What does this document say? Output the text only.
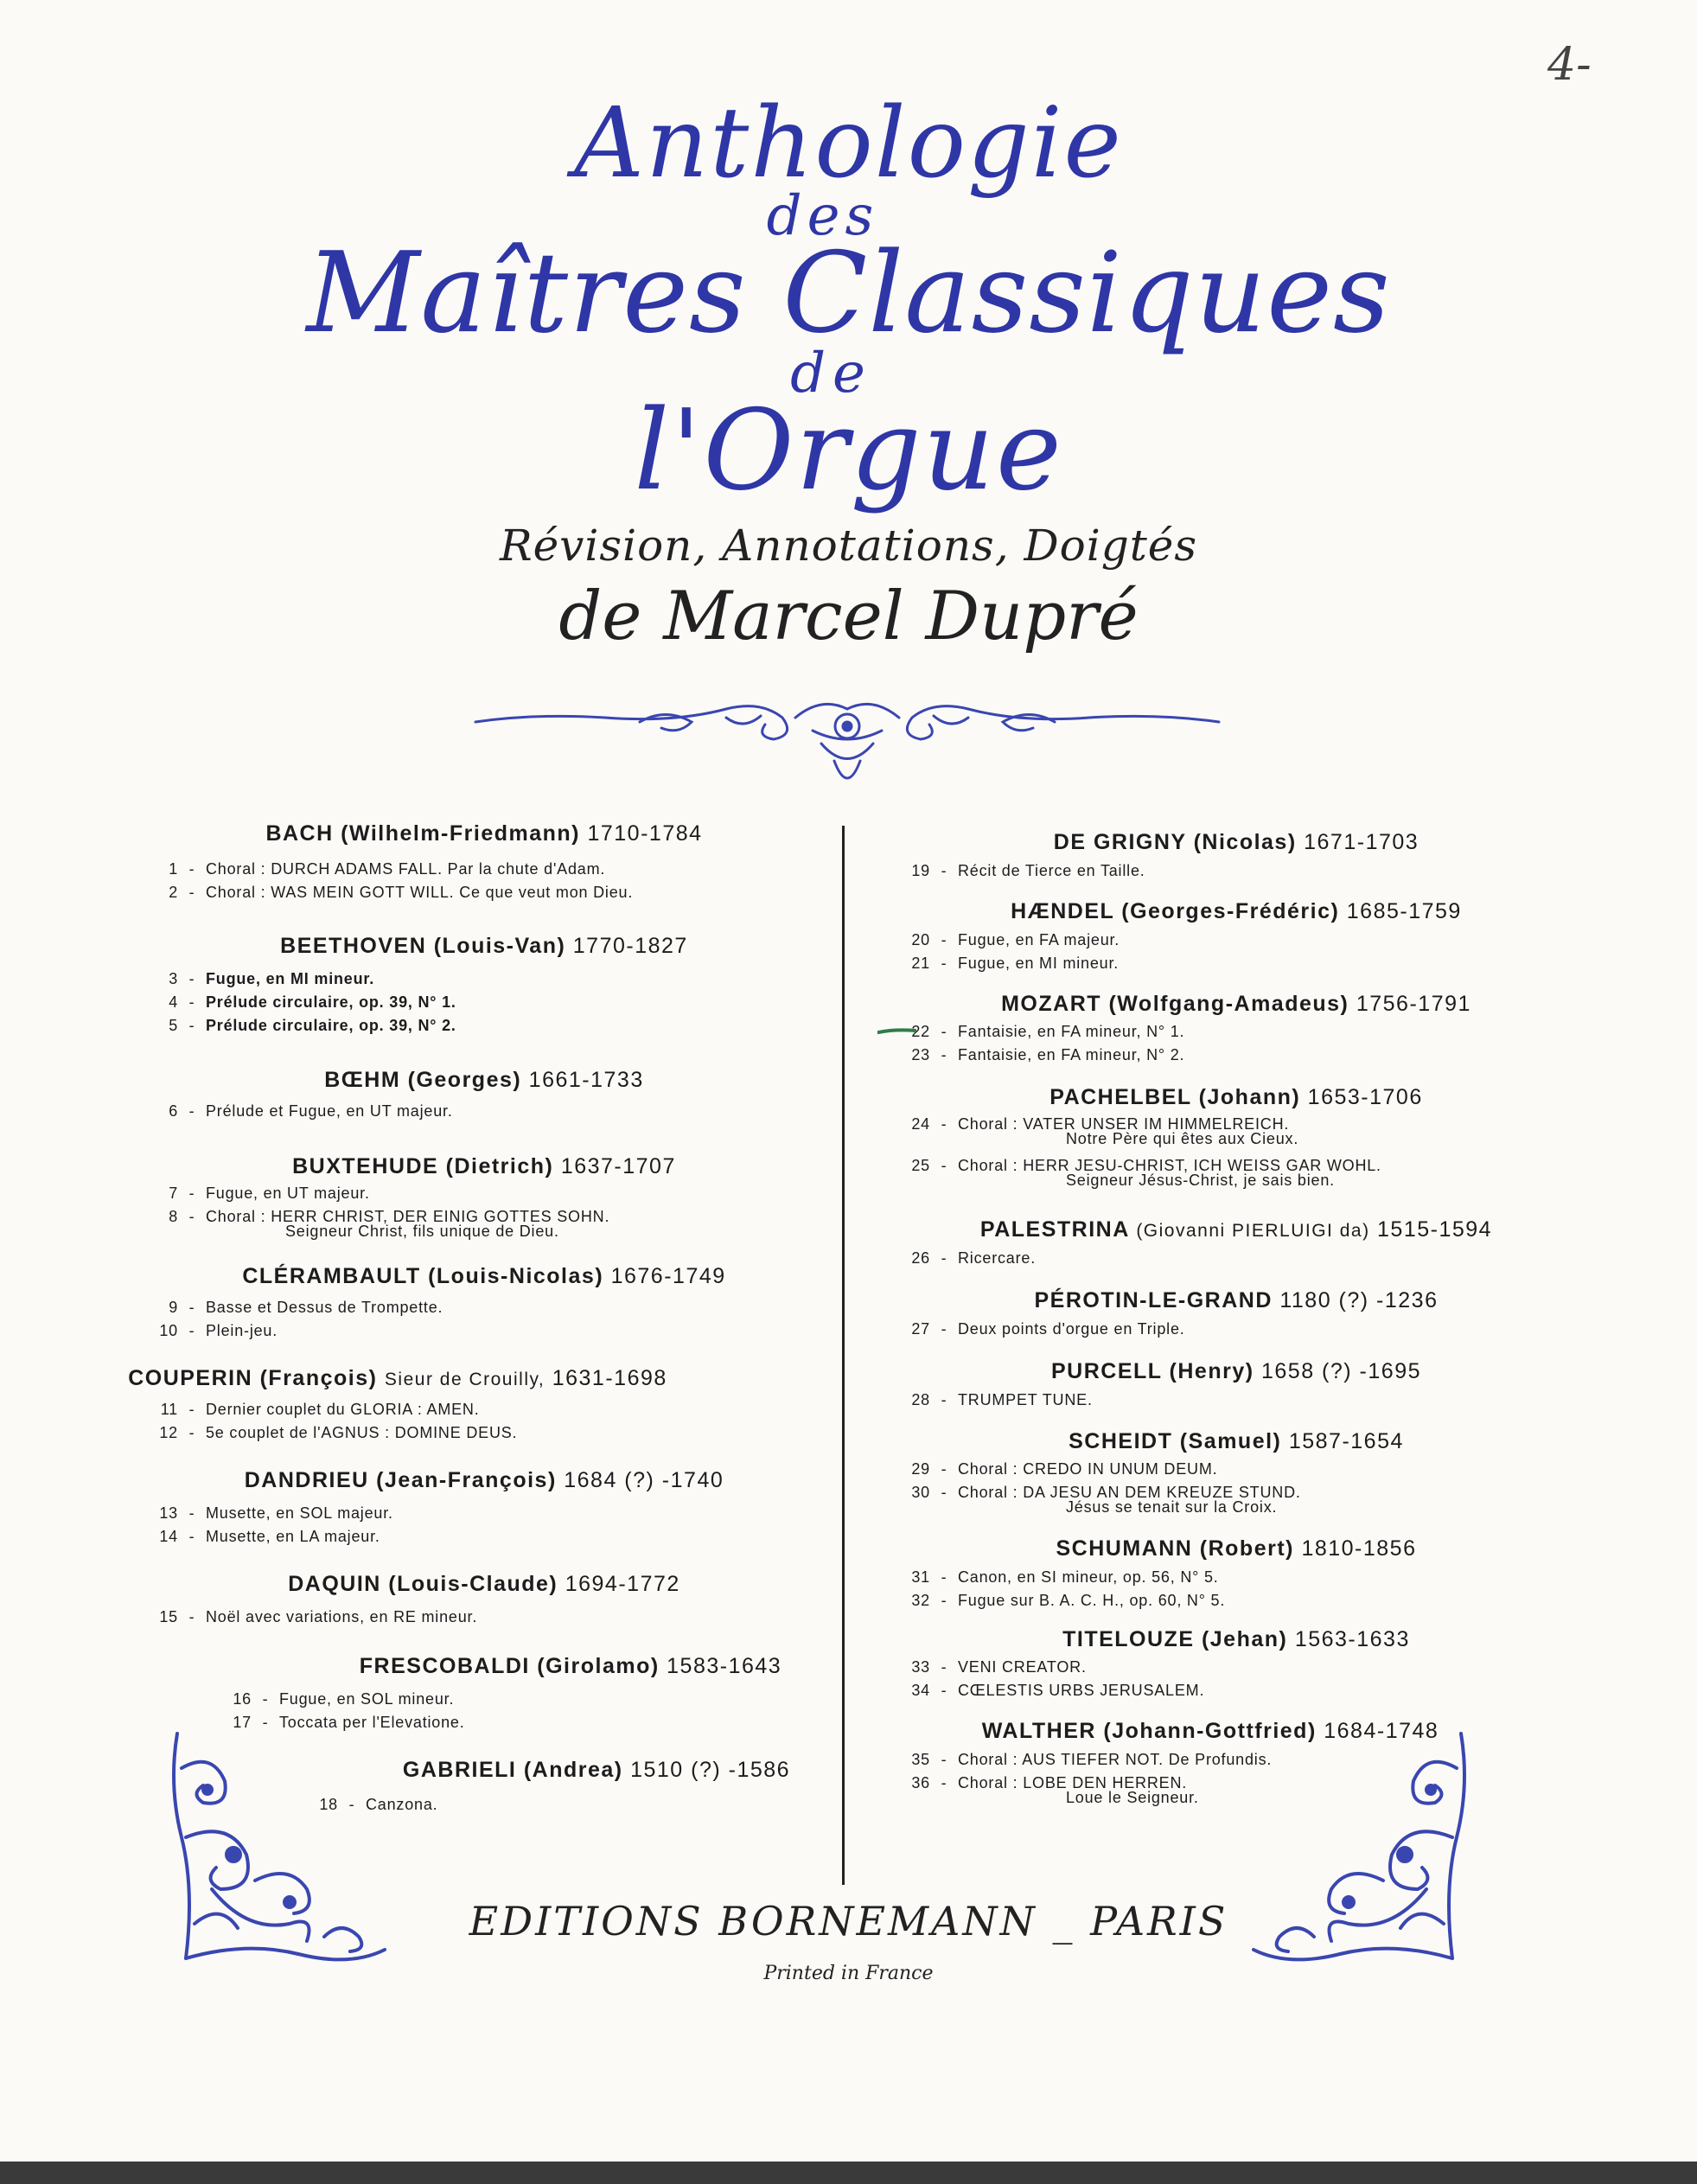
4-
Anthologie
des
Maîtres Classiques
de
l'Orgue
Révision, Annotations, Doigtés
de Marcel Dupré
BACH (Wilhelm-Friedmann) 1710-1784
1 - Choral : DURCH ADAMS FALL. Par la chute d'Adam.
2 - Choral : WAS MEIN GOTT WILL. Ce que veut mon Dieu.
BEETHOVEN (Louis-Van) 1770-1827
3 - Fugue, en MI mineur.
4 - Prélude circulaire, op. 39, N° 1.
5 - Prélude circulaire, op. 39, N° 2.
BŒHM (Georges) 1661-1733
6 - Prélude et Fugue, en UT majeur.
BUXTEHUDE (Dietrich) 1637-1707
7 - Fugue, en UT majeur.
8 - Choral : HERR CHRIST, DER EINIG GOTTES SOHN.
Seigneur Christ, fils unique de Dieu.
CLÉRAMBAULT (Louis-Nicolas) 1676-1749
9 - Basse et Dessus de Trompette.
10 - Plein-jeu.
COUPERIN (François) Sieur de Crouilly, 1631-1698
11 - Dernier couplet du GLORIA : AMEN.
12 - 5e couplet de l'AGNUS : DOMINE DEUS.
DANDRIEU (Jean-François) 1684 (?) -1740
13 - Musette, en SOL majeur.
14 - Musette, en LA majeur.
DAQUIN (Louis-Claude) 1694-1772
15 - Noël avec variations, en RE mineur.
FRESCOBALDI (Girolamo) 1583-1643
16 - Fugue, en SOL mineur.
17 - Toccata per l'Elevatione.
GABRIELI (Andrea) 1510 (?) -1586
18 - Canzona.
DE GRIGNY (Nicolas) 1671-1703
19 - Récit de Tierce en Taille.
HÆNDEL (Georges-Frédéric) 1685-1759
20 - Fugue, en FA majeur.
21 - Fugue, en MI mineur.
MOZART (Wolfgang-Amadeus) 1756-1791
22 - Fantaisie, en FA mineur, N° 1.
23 - Fantaisie, en FA mineur, N° 2.
PACHELBEL (Johann) 1653-1706
24 - Choral : VATER UNSER IM HIMMELREICH.
Notre Père qui êtes aux Cieux.
25 - Choral : HERR JESU-CHRIST, ICH WEISS GAR WOHL.
Seigneur Jésus-Christ, je sais bien.
PALESTRINA (Giovanni PIERLUIGI da) 1515-1594
26 - Ricercare.
PÉROTIN-LE-GRAND 1180 (?) -1236
27 - Deux points d'orgue en Triple.
PURCELL (Henry) 1658 (?) -1695
28 - TRUMPET TUNE.
SCHEIDT (Samuel) 1587-1654
29 - Choral : CREDO IN UNUM DEUM.
30 - Choral : DA JESU AN DEM KREUZE STUND.
Jésus se tenait sur la Croix.
SCHUMANN (Robert) 1810-1856
31 - Canon, en SI mineur, op. 56, N° 5.
32 - Fugue sur B. A. C. H., op. 60, N° 5.
TITELOUZE (Jehan) 1563-1633
33 - VENI CREATOR.
34 - CŒLESTIS URBS JERUSALEM.
WALTHER (Johann-Gottfried) 1684-1748
35 - Choral : AUS TIEFER NOT. De Profundis.
36 - Choral : LOBE DEN HERREN.
Loue le Seigneur.
EDITIONS BORNEMANN _ PARIS
Printed in France
